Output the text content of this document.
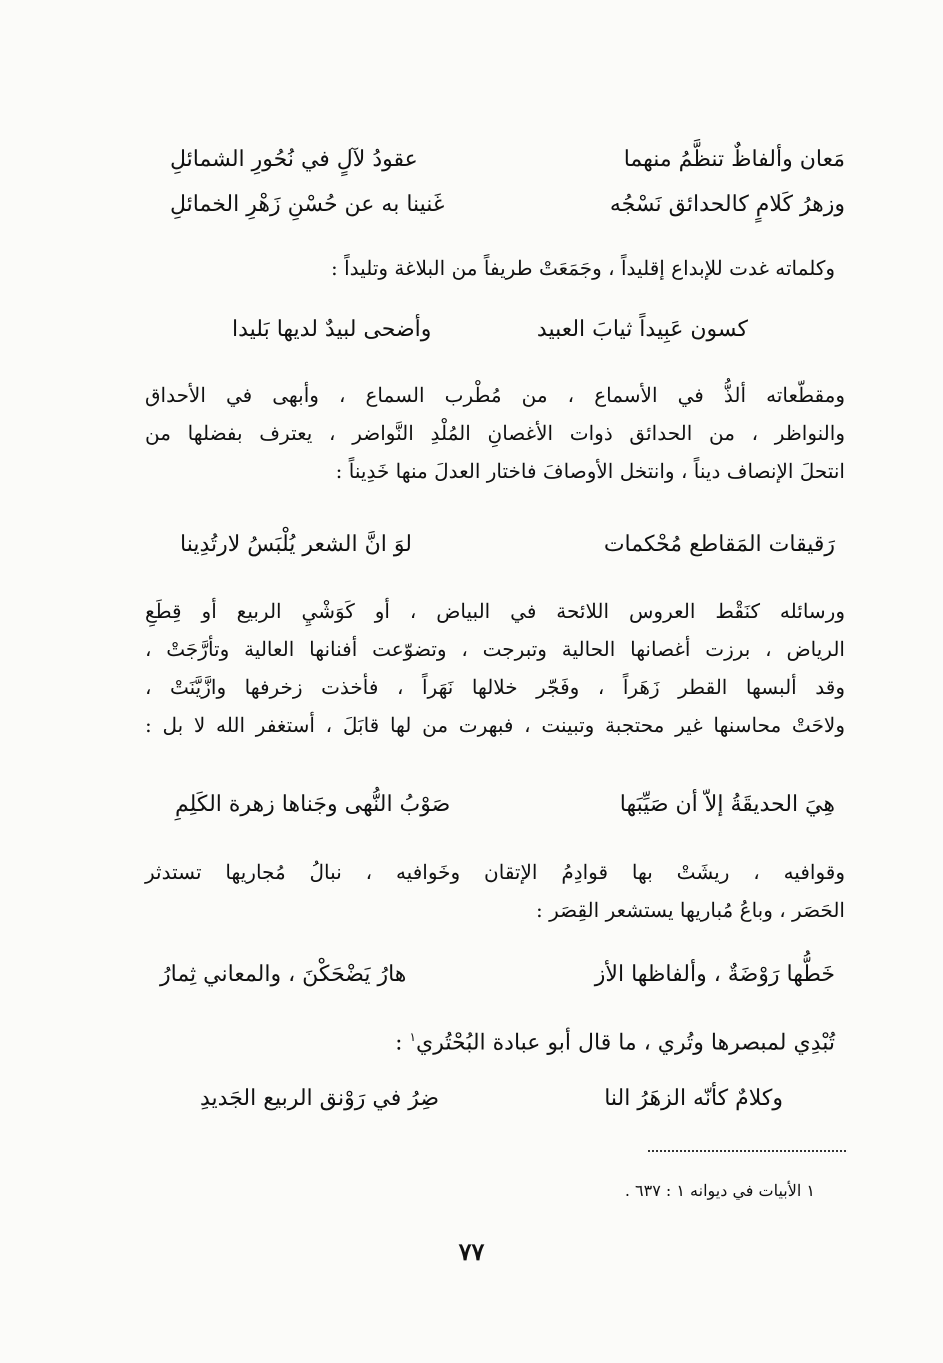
مَعان وألفاظٌ تنظَّمُ منهما
عقودُ لآلٍ في نُحُورِ الشمائلِ
وزهرُ كَلامٍ كالحدائق نَسْجُه
غَنينا به عن حُسْنِ زَهْرِ الخمائلِ
وكلماته غدت للإبداع إقليداً ، وجَمَعَتْ طريفاً من البلاغة وتليداً :
كسون عَبِيداً ثيابَ العبيد
وأضحى لبيدٌ لديها بَليدا
ومقطّعاته ألذُّ في الأسماع ، من مُطْرب السماع ، وأبهى في الأحداق
والنواظر ، من الحدائق ذوات الأغصانِ المُلْدِ النَّواضر ، يعترف بفضلها من
انتحلَ الإنصاف ديناً ، وانتخل الأوصافَ فاختار العدلَ منها خَدِيناً :
رَقيقات المَقاطع مُحْكمات
لوَ انَّ الشعر يُلْبَسُ لارتُدِينا
ورسائله كنَقْط العروس اللائحة في البياض ، أو كَوَشْيِ الربيع أو قِطَعِ
الرياض ، برزت أغصانها الحالية وتبرجت ، وتضوّعت أفنانها العالية وتأرَّجَتْ ،
وقد ألبسها القطر زَهَراً ، وفَجّر خلالها نَهَراً ، فأخذت زخرفها وازَّيَّنَتْ ،
ولاحَتْ محاسنها غير محتجبة وتبينت ، فبهرت من لها قابَلَ ، أستغفر الله لا بل :
هِيَ الحديقَةُ إلاّ أن صَيِّبَها
صَوْبُ النُّهى وجَناها زهرة الكَلِمِ
وقوافيه ، ريشَتْ بها قوادِمُ الإتقان وخَوافيه ، نبالُ مُجاريها تستدثر
الحَصَر ، وباعُ مُباريها يستشعر القِصَر :
خَطُّها رَوْضَةٌ ، وألفاظها الأز
هارُ يَضْحَكْنَ ، والمعاني ثِمارُ
تُبْدِي لمبصرها وتُري ، ما قال أبو عبادة البُحْتُري$^١$ :
وكلامٌ كأنّه الزهَرُ النا
ضِرُ في رَوْنق الربيع الجَديدِ
١ الأبيات في ديوانه ١ : ٦٣٧ .
٧٧
